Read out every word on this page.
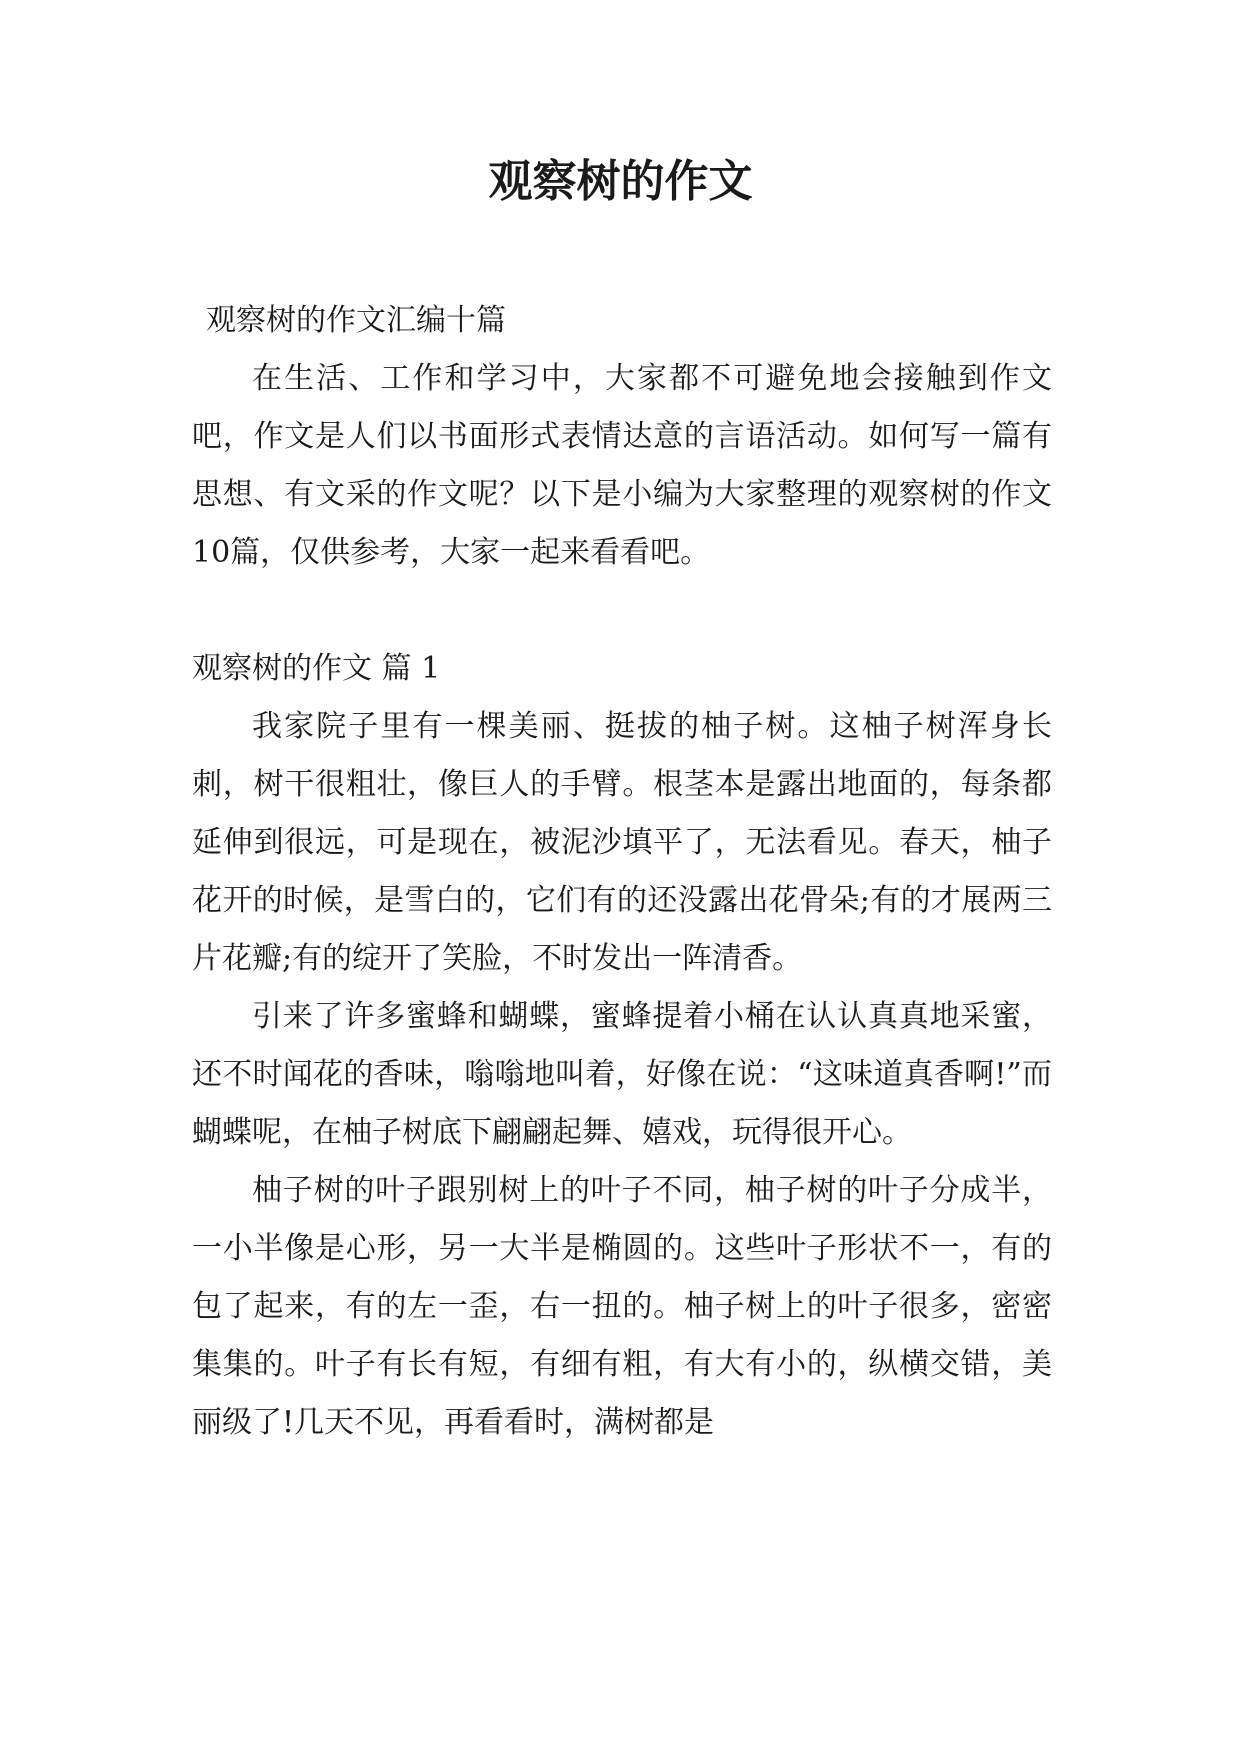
观察树的作文

观察树的作文汇编十篇

在生活、工作和学习中，大家都不可避免地会接触到作文吧，作文是人们以书面形式表情达意的言语活动。如何写一篇有思想、有文采的作文呢？以下是小编为大家整理的观察树的作文10篇，仅供参考，大家一起来看看吧。

观察树的作文 篇 1

我家院子里有一棵美丽、挺拔的柚子树。这柚子树浑身长刺，树干很粗壮，像巨人的手臂。根茎本是露出地面的，每条都延伸到很远，可是现在，被泥沙填平了，无法看见。春天，柚子花开的时候，是雪白的，它们有的还没露出花骨朵;有的才展两三片花瓣;有的绽开了笑脸，不时发出一阵清香。

引来了许多蜜蜂和蝴蝶，蜜蜂提着小桶在认认真真地采蜜，还不时闻花的香味，嗡嗡地叫着，好像在说：“这味道真香啊!”而蝴蝶呢，在柚子树底下翩翩起舞、嬉戏，玩得很开心。

柚子树的叶子跟别树上的叶子不同，柚子树的叶子分成半，一小半像是心形，另一大半是椭圆的。这些叶子形状不一，有的包了起来，有的左一歪，右一扭的。柚子树上的叶子很多，密密集集的。叶子有长有短，有细有粗，有大有小的，纵横交错，美丽级了!几天不见，再看看时，满树都是
